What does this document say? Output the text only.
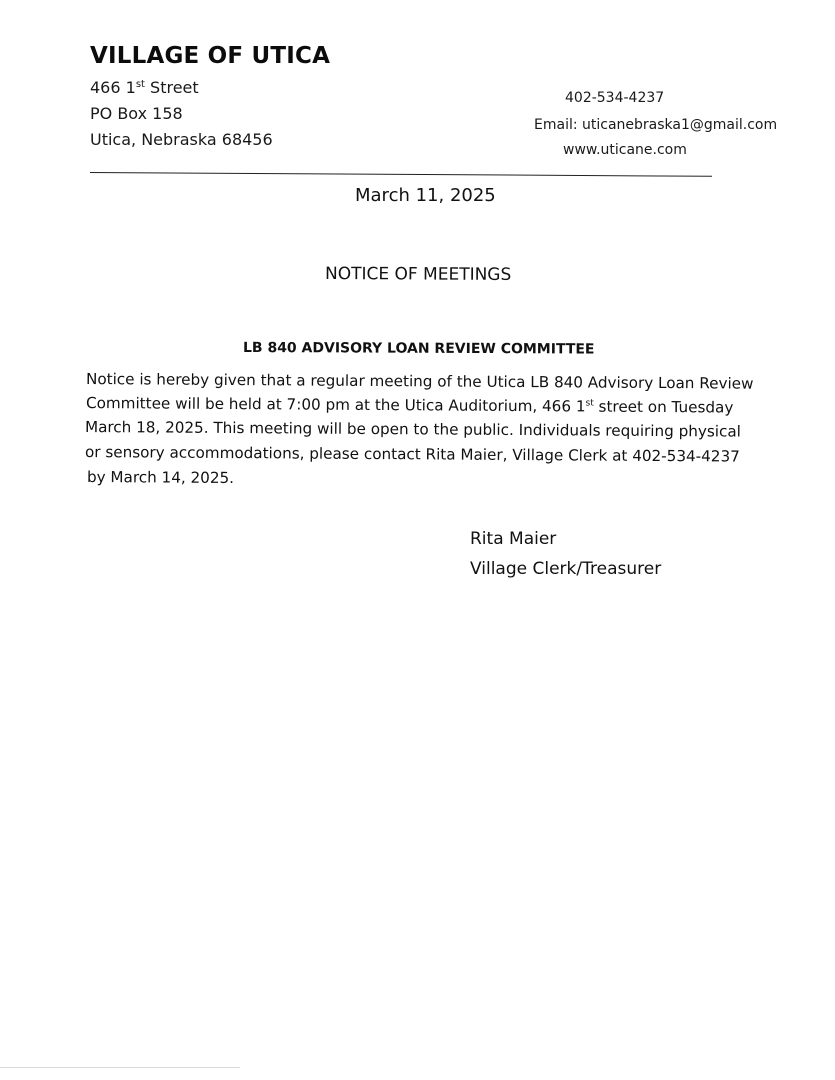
VILLAGE OF UTICA
466 1st Street
PO Box 158
Utica, Nebraska 68456
402-534-4237
Email: uticanebraska1@gmail.com
www.uticane.com
March 11, 2025
NOTICE OF MEETINGS
LB 840 ADVISORY LOAN REVIEW COMMITTEE
Notice is hereby given that a regular meeting of the Utica LB 840 Advisory Loan Review
Committee will be held at 7:00 pm at the Utica Auditorium, 466 1st street on Tuesday
March 18, 2025. This meeting will be open to the public. Individuals requiring physical
or sensory accommodations, please contact Rita Maier, Village Clerk at 402-534-4237
by March 14, 2025.
Rita Maier
Village Clerk/Treasurer
